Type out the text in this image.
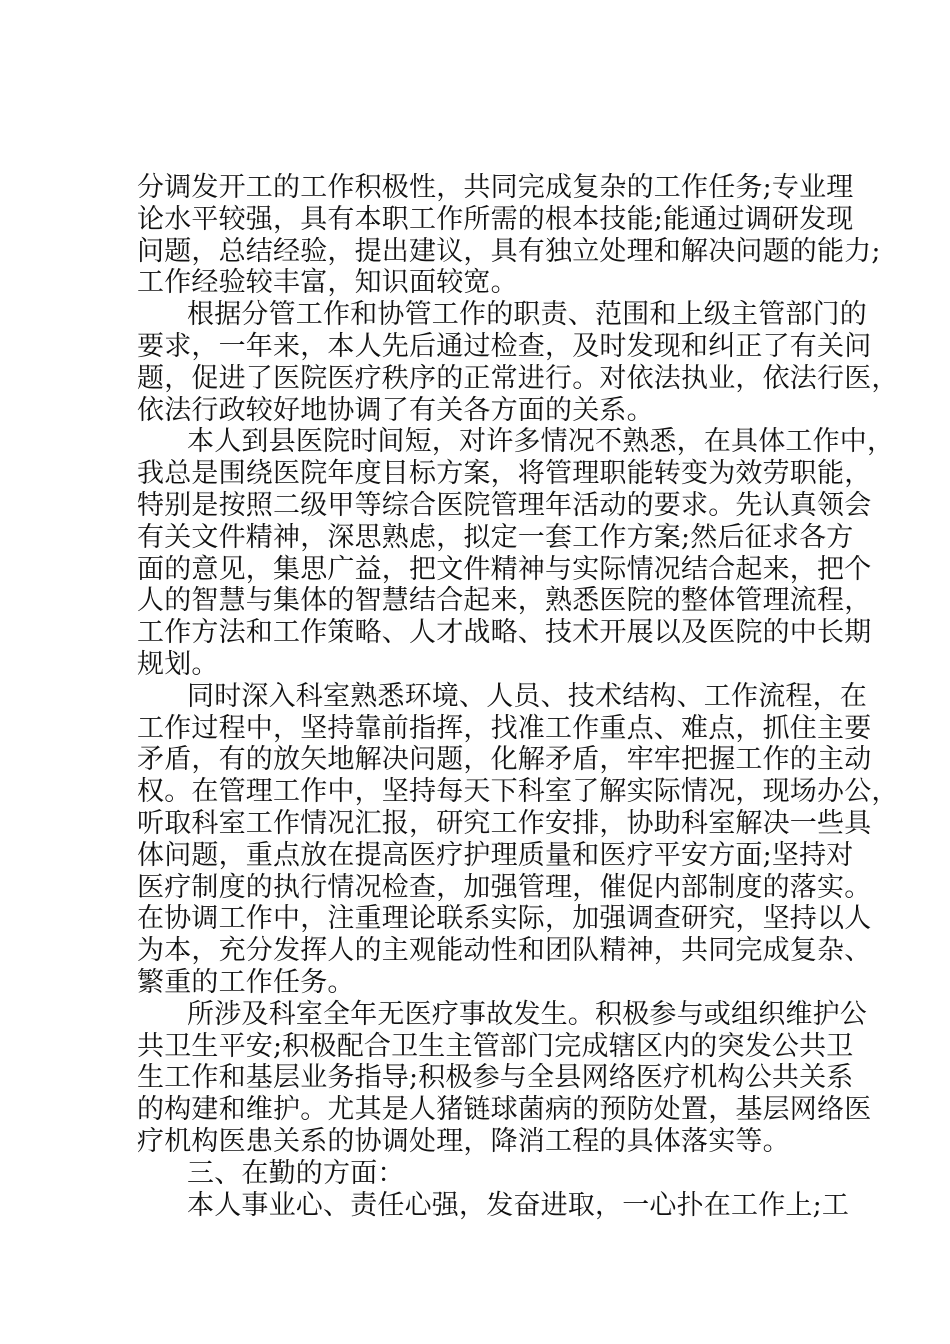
分调发开工的工作积极性，共同完成复杂的工作任务;专业理
论水平较强，具有本职工作所需的根本技能;能通过调研发现
问题，总结经验，提出建议，具有独立处理和解决问题的能力;
工作经验较丰富，知识面较宽。
根据分管工作和协管工作的职责、范围和上级主管部门的
要求，一年来，本人先后通过检查，及时发现和纠正了有关问
题，促进了医院医疗秩序的正常进行。对依法执业，依法行医，
依法行政较好地协调了有关各方面的关系。
本人到县医院时间短，对许多情况不熟悉，在具体工作中，
我总是围绕医院年度目标方案，将管理职能转变为效劳职能，
特别是按照二级甲等综合医院管理年活动的要求。先认真领会
有关文件精神，深思熟虑，拟定一套工作方案;然后征求各方
面的意见，集思广益，把文件精神与实际情况结合起来，把个
人的智慧与集体的智慧结合起来，熟悉医院的整体管理流程，
工作方法和工作策略、人才战略、技术开展以及医院的中长期
规划。
同时深入科室熟悉环境、人员、技术结构、工作流程，在
工作过程中，坚持靠前指挥，找准工作重点、难点，抓住主要
矛盾，有的放矢地解决问题，化解矛盾，牢牢把握工作的主动
权。在管理工作中，坚持每天下科室了解实际情况，现场办公，
听取科室工作情况汇报，研究工作安排，协助科室解决一些具
体问题，重点放在提高医疗护理质量和医疗平安方面;坚持对
医疗制度的执行情况检查，加强管理，催促内部制度的落实。
在协调工作中，注重理论联系实际，加强调查研究，坚持以人
为本，充分发挥人的主观能动性和团队精神，共同完成复杂、
繁重的工作任务。
所涉及科室全年无医疗事故发生。积极参与或组织维护公
共卫生平安;积极配合卫生主管部门完成辖区内的突发公共卫
生工作和基层业务指导;积极参与全县网络医疗机构公共关系
的构建和维护。尤其是人猪链球菌病的预防处置，基层网络医
疗机构医患关系的协调处理，降消工程的具体落实等。
三、在勤的方面：
本人事业心、责任心强，发奋进取，一心扑在工作上;工
